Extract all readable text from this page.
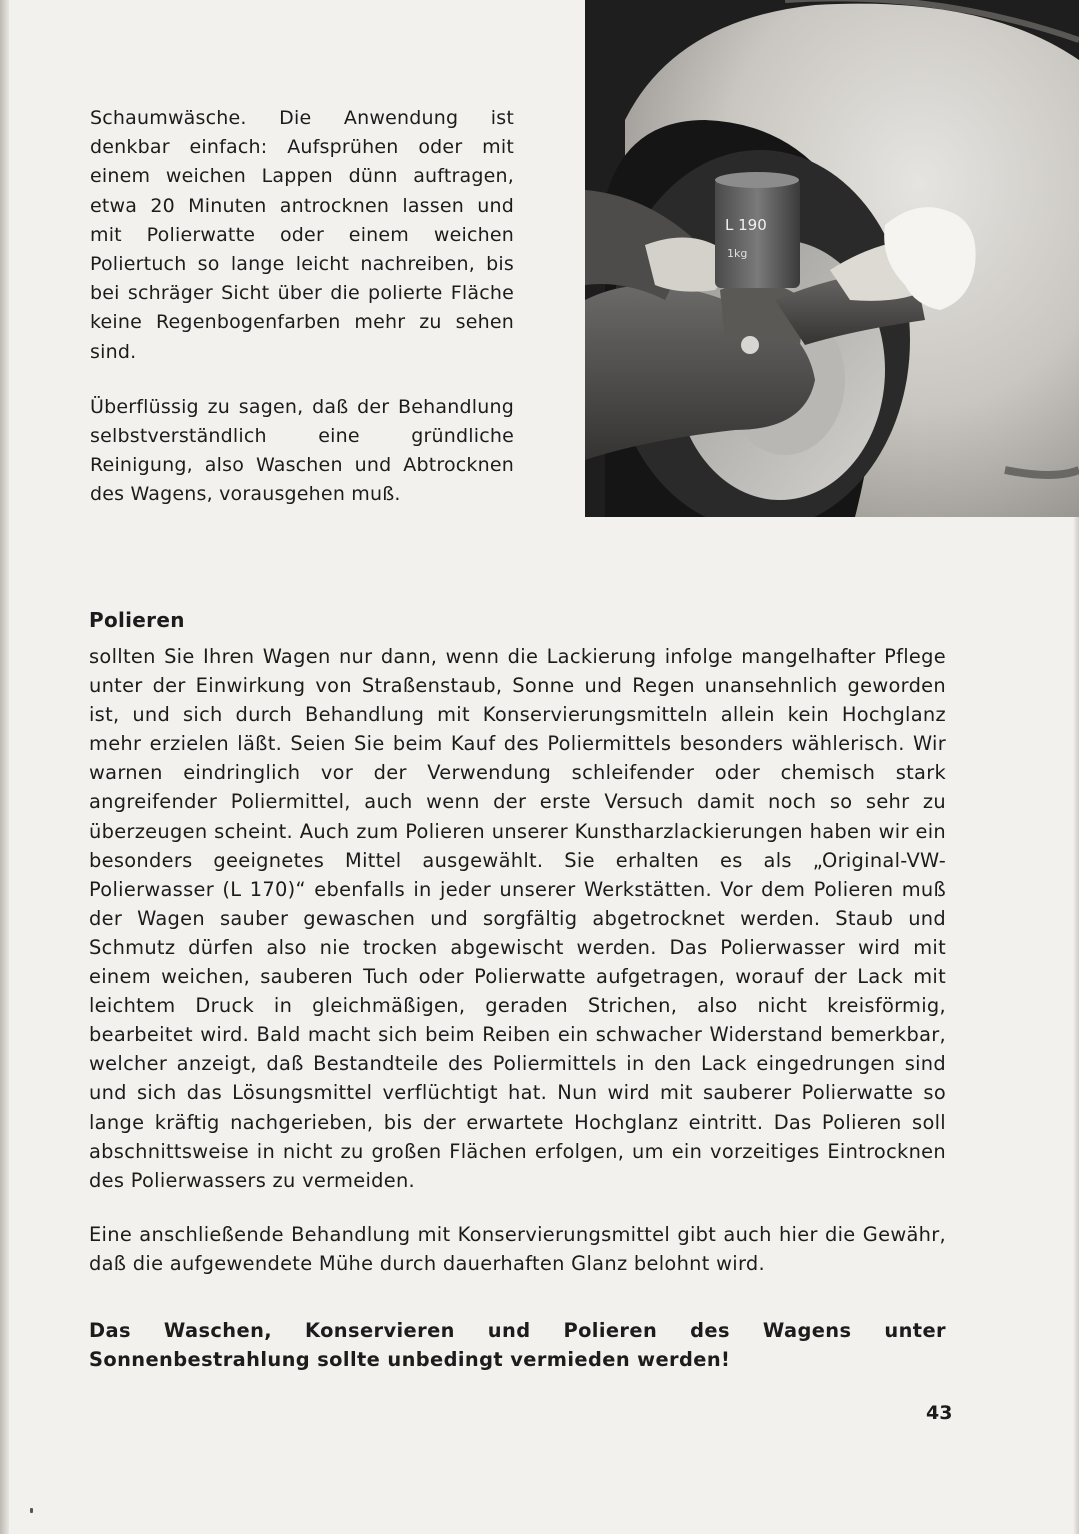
Schaumwäsche. Die Anwendung ist denkbar einfach: Aufsprühen oder mit einem weichen Lappen dünn auftragen, etwa 20 Minuten antrocknen lassen und mit Polierwatte oder einem weichen Poliertuch so lange leicht nachreiben, bis bei schräger Sicht über die polierte Fläche keine Regenbogenfarben mehr zu sehen sind.

Überflüssig zu sagen, daß der Behandlung selbstverständlich eine gründliche Reinigung, also Waschen und Abtrocknen des Wagens, vorausgehen muß.

L 190
1kg
Polieren

sollten Sie Ihren Wagen nur dann, wenn die Lackierung infolge mangelhafter Pflege unter der Einwirkung von Straßenstaub, Sonne und Regen unansehnlich geworden ist, und sich durch Behandlung mit Konservierungsmitteln allein kein Hochglanz mehr erzielen läßt. Seien Sie beim Kauf des Poliermittels besonders wählerisch. Wir warnen eindringlich vor der Verwendung schleifender oder chemisch stark angreifender Poliermittel, auch wenn der erste Versuch damit noch so sehr zu überzeugen scheint. Auch zum Polieren unserer Kunstharzlackierungen haben wir ein besonders geeignetes Mittel ausgewählt. Sie erhalten es als „Original-VW-Polierwasser (L 170)“ ebenfalls in jeder unserer Werkstätten. Vor dem Polieren muß der Wagen sauber gewaschen und sorgfältig abgetrocknet werden. Staub und Schmutz dürfen also nie trocken abgewischt werden. Das Polierwasser wird mit einem weichen, sauberen Tuch oder Polierwatte aufgetragen, worauf der Lack mit leichtem Druck in gleichmäßigen, geraden Strichen, also nicht kreisförmig, bearbeitet wird. Bald macht sich beim Reiben ein schwacher Widerstand bemerkbar, welcher anzeigt, daß Bestandteile des Poliermittels in den Lack eingedrungen sind und sich das Lösungsmittel verflüchtigt hat. Nun wird mit sauberer Polierwatte so lange kräftig nachgerieben, bis der erwartete Hochglanz eintritt. Das Polieren soll abschnittsweise in nicht zu großen Flächen erfolgen, um ein vorzeitiges Eintrocknen des Polierwassers zu vermeiden.

Eine anschließende Behandlung mit Konservierungsmittel gibt auch hier die Gewähr, daß die aufgewendete Mühe durch dauerhaften Glanz belohnt wird.

Das Waschen, Konservieren und Polieren des Wagens unter Sonnenbestrahlung sollte unbedingt vermieden werden!

43
